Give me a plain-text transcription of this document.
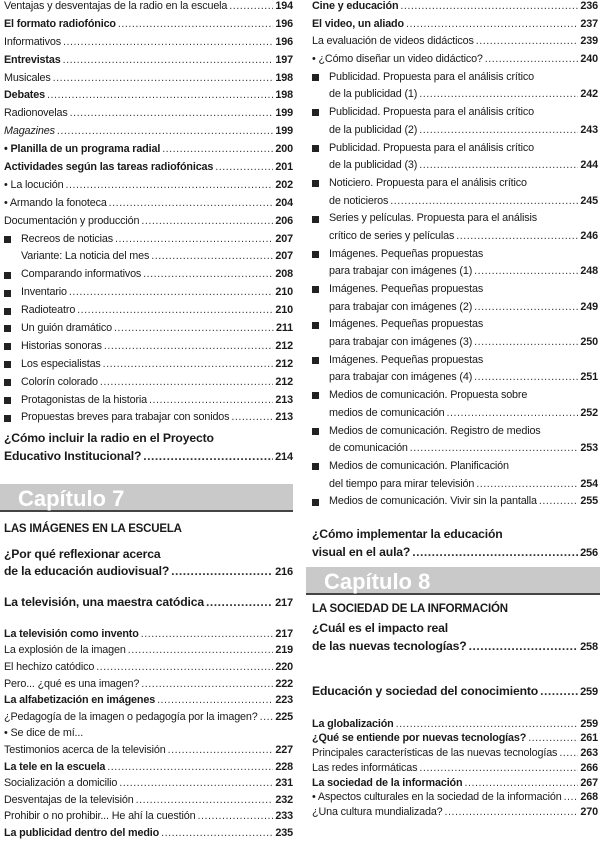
Ventajas y desventajas de la radio en la escuela .....	194
El formato radiofónico .....	196
Informativos .....	196
Entrevistas .....	197
Musicales .....	198
Debates .....	198
Radionovelas .....	199
Magazines .....	199
• Planilla de un programa radial .....	200
Actividades según las tareas radiofónicas .....	201
• La locución .....	202
• Armando la fonoteca .....	204
Documentación y producción .....	206
Recreos de noticias .....	207
Variante: La noticia del mes .....	207
Comparando informativos .....	208
Inventario .....	210
Radioteatro .....	210
Un guión dramático .....	211
Historias sonoras .....	212
Los especialistas .....	212
Colorín colorado .....	212
Protagonistas de la historia .....	213
Propuestas breves para trabajar con sonidos .....	213
¿Cómo incluir la radio en el Proyecto
Educativo Institucional? .....	214
Capítulo 7
LAS IMÁGENES EN LA ESCUELA
¿Por qué reflexionar acerca
de la educación audiovisual? .....	216
La televisión, una maestra catódica .....	217
La televisión como invento .....	217
La explosión de la imagen .....	219
El hechizo catódico .....	220
Pero... ¿qué es una imagen? .....	222
La alfabetización en imágenes .....	223
¿Pedagogía de la imagen o pedagogía por la imagen? ..... 225
• Se dice de mí...
Testimonios acerca de la televisión .....	227
La tele en la escuela .....	228
Socialización a domicilio .....	231
Desventajas de la televisión .....	232
Prohibir o no prohibir... He ahí la cuestión .....	233
La publicidad dentro del medio .....	235
Cine y educación .....	236
El video, un aliado .....	237
La evaluación de videos didácticos .....	239
• ¿Cómo diseñar un video didáctico? .....	240
Publicidad. Propuesta para el análisis crítico
de la publicidad (1) .....	242
Publicidad. Propuesta para el análisis crítico
de la publicidad (2) .....	243
Publicidad. Propuesta para el análisis crítico
de la publicidad (3) .....	244
Noticiero. Propuesta para el análisis crítico
de noticieros .....	245
Series y películas. Propuesta para el análisis
crítico de series y películas .....	246
Imágenes. Pequeñas propuestas
para trabajar con imágenes (1) .....	248
Imágenes. Pequeñas propuestas
para trabajar con imágenes (2) .....	249
Imágenes. Pequeñas propuestas
para trabajar con imágenes (3) .....	250
Imágenes. Pequeñas propuestas
para trabajar con imágenes (4) .....	251
Medios de comunicación. Propuesta sobre
medios de comunicación .....	252
Medios de comunicación. Registro de medios
de comunicación .....	253
Medios de comunicación. Planificación
del tiempo para mirar televisión .....	254
Medios de comunicación. Vivir sin la pantalla .....	255
¿Cómo implementar la educación
visual en el aula? .....	256
Capítulo 8
LA SOCIEDAD DE LA INFORMACIÓN
¿Cuál es el impacto real
de las nuevas tecnologías? .....	258
Educación y sociedad del conocimiento .....	259
La globalización .....	259
¿Qué se entiende por nuevas tecnologías? .....	261
Principales características de las nuevas tecnologías ..... 263
Las redes informáticas .....	266
La sociedad de la información .....	267
• Aspectos culturales en la sociedad de la información ..... 268
¿Una cultura mundializada? .....	270
